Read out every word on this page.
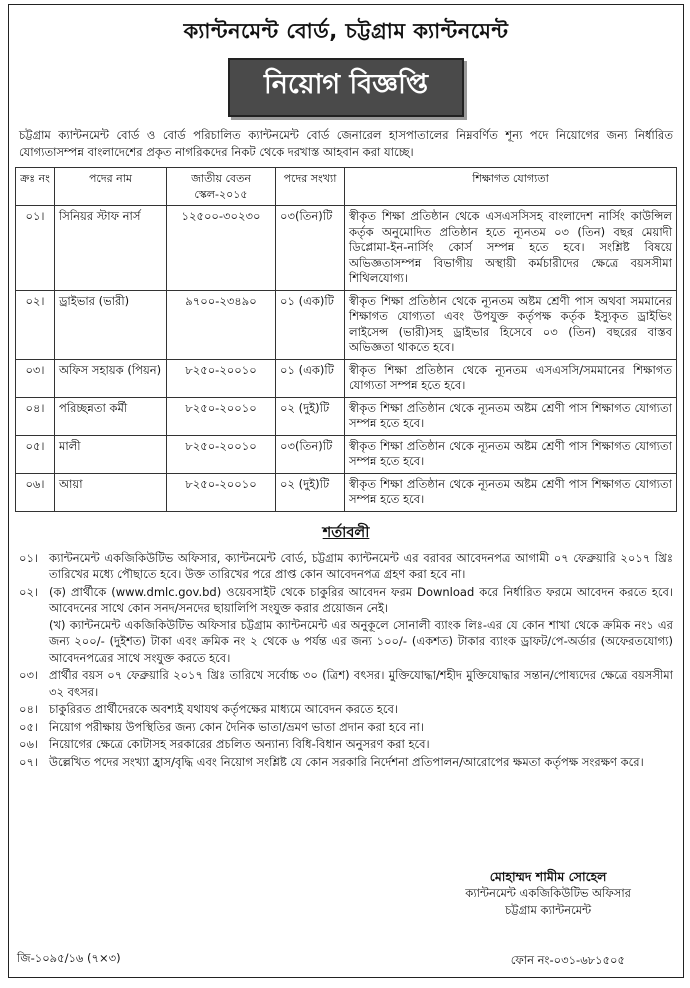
ক্যান্টনমেন্ট বোর্ড, চট্টগ্রাম ক্যান্টনমেন্ট
নিয়োগ বিজ্ঞপ্তি
চট্টগ্রাম ক্যান্টনমেন্ট বোর্ড ও বোর্ড পরিচালিত ক্যান্টনমেন্ট বোর্ড জেনারেল হাসপাতালের নিম্নবর্ণিত শূন্য পদে নিয়োগের জন্য নির্ধারিত যোগ্যতাসম্পন্ন বাংলাদেশের প্রকৃত নাগরিকদের নিকট থেকে দরখাস্ত আহবান করা যাচ্ছে।
ক্রঃ নং	পদের নাম	জাতীয় বেতন স্কেল-২০১৫	পদের সংখ্যা	শিক্ষাগত যোগ্যতা
০১।	সিনিয়র স্টাফ নার্স	১২৫০০-৩০২৩০	০৩(তিন)টি	স্বীকৃত শিক্ষা প্রতিষ্ঠান থেকে এসএসসিসহ বাংলাদেশ নার্সিং কাউন্সিল কর্তৃক অনুমোদিত প্রতিষ্ঠান হতে ন্যূনতম ০৩ (তিন) বছর মেয়াদী ডিপ্লোমা-ইন-নার্সিং কোর্স সম্পন্ন হতে হবে। সংশ্লিষ্ট বিষয়ে অভিজ্ঞতাসম্পন্ন বিভাগীয় অস্থায়ী কর্মচারীদের ক্ষেত্রে বয়সসীমা শিথিলযোগ্য।
০২।	ড্রাইভার (ভারী)	৯৭০০-২৩৪৯০	০১ (এক)টি	স্বীকৃত শিক্ষা প্রতিষ্ঠান থেকে ন্যূনতম অষ্টম শ্রেণী পাস অথবা সমমানের শিক্ষাগত যোগ্যতা এবং উপযুক্ত কর্তৃপক্ষ কর্তৃক ইস্যুকৃত ড্রাইভিং লাইসেন্স (ভারী)সহ ড্রাইভার হিসেবে ০৩ (তিন) বছরের বাস্তব অভিজ্ঞতা থাকতে হবে।
০৩।	অফিস সহায়ক (পিয়ন)	৮২৫০-২০০১০	০১ (এক)টি	স্বীকৃত শিক্ষা প্রতিষ্ঠান থেকে ন্যূনতম এসএসসি/সমমানের শিক্ষাগত যোগ্যতা সম্পন্ন হতে হবে।
০৪।	পরিচ্ছন্নতা কর্মী	৮২৫০-২০০১০	০২ (দুই)টি	স্বীকৃত শিক্ষা প্রতিষ্ঠান থেকে ন্যূনতম অষ্টম শ্রেণী পাস শিক্ষাগত যোগ্যতা সম্পন্ন হতে হবে।
০৫।	মালী	৮২৫০-২০০১০	০৩(তিন)টি	স্বীকৃত শিক্ষা প্রতিষ্ঠান থেকে ন্যূনতম অষ্টম শ্রেণী পাস শিক্ষাগত যোগ্যতা সম্পন্ন হতে হবে।
০৬।	আয়া	৮২৫০-২০০১০	০২ (দুই)টি	স্বীকৃত শিক্ষা প্রতিষ্ঠান থেকে ন্যূনতম অষ্টম শ্রেণী পাস শিক্ষাগত যোগ্যতা সম্পন্ন হতে হবে।
শর্তাবলী
০১। ক্যান্টনমেন্ট একজিকিউটিভ অফিসার, ক্যান্টনমেন্ট বোর্ড, চট্টগ্রাম ক্যান্টনমেন্ট এর বরাবর আবেদনপত্র আগামী ০৭ ফেব্রুয়ারি ২০১৭ খ্রিঃ তারিখের মধ্যে পৌছাতে হবে। উক্ত তারিখের পরে প্রাপ্ত কোন আবেদনপত্র গ্রহণ করা হবে না।
০২। (ক) প্রার্থীকে (www.dmlc.gov.bd) ওয়েবসাইট থেকে চাকুরির আবেদন ফরম Download করে নির্ধারিত ফরমে আবেদন করতে হবে। আবেদনের সাথে কোন সনদ/সনদের ছায়ালিপি সংযুক্ত করার প্রয়োজন নেই।
(খ) ক্যান্টনমেন্ট একজিকিউটিভ অফিসার চট্টগ্রাম ক্যান্টনমেন্ট এর অনুকূলে সোনালী ব্যাংক লিঃ-এর যে কোন শাখা থেকে ক্রমিক নং১ এর জন্য ২০০/- (দুইশত) টাকা এবং ক্রমিক নং ২ থেকে ৬ পর্যন্ত এর জন্য ১০০/- (একশত) টাকার ব্যাংক ড্রাফট/পে-অর্ডার (অফেরতযোগ্য) আবেদনপত্রের সাথে সংযুক্ত করতে হবে।
০৩। প্রার্থীর বয়স ০৭ ফেব্রুয়ারি ২০১৭ খ্রিঃ তারিখে সর্বোচ্চ ৩০ (ত্রিশ) বৎসর। মুক্তিযোদ্ধা/শহীদ মুক্তিযোদ্ধার সন্তান/পোষ্যদের ক্ষেত্রে বয়সসীমা ৩২ বৎসর।
০৪। চাকুরিরত প্রার্থীদেরকে অবশ্যই যথাযথ কর্তৃপক্ষের মাধ্যমে আবেদন করতে হবে।
০৫। নিয়োগ পরীক্ষায় উপস্থিতির জন্য কোন দৈনিক ভাতা/ভ্রমণ ভাতা প্রদান করা হবে না।
০৬। নিয়োগের ক্ষেত্রে কোটাসহ সরকারের প্রচলিত অন্যান্য বিধি-বিধান অনুসরণ করা হবে।
০৭। উল্লেখিত পদের সংখ্যা হ্রাস/বৃদ্ধি এবং নিয়োগ সংশ্লিষ্ট যে কোন সরকারি নির্দেশনা প্রতিপালন/আরোপের ক্ষমতা কর্তৃপক্ষ সংরক্ষণ করে।
মোহাম্মদ শামীম সোহেল
ক্যান্টনমেন্ট একজিকিউটিভ অফিসার
চট্টগ্রাম ক্যান্টনমেন্ট
জি-১০৯৫/১৬ (৭×৩)	ফোন নং-০৩১-৬৮১৫০৫
